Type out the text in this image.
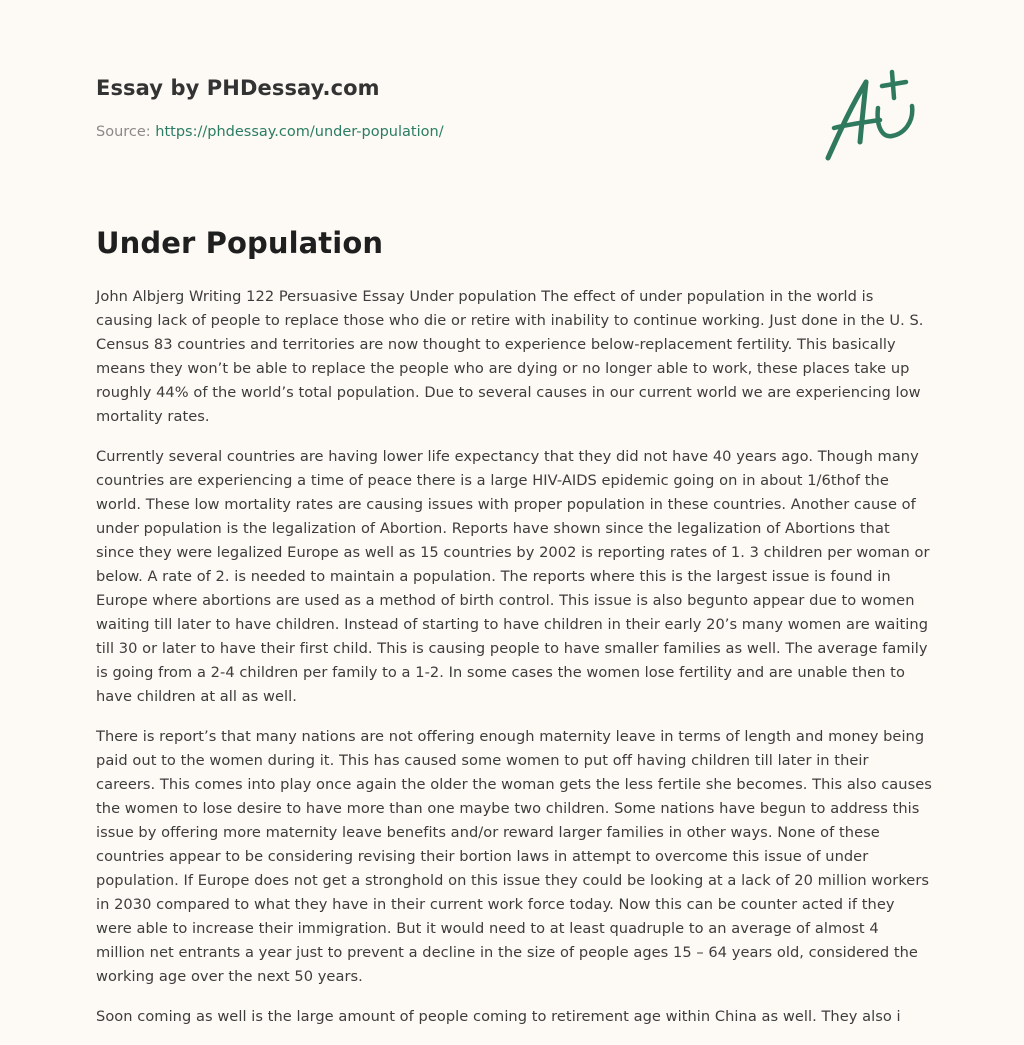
Essay by PHDessay.com
Source: https://phdessay.com/under-population/
Under Population

John Albjerg Writing 122 Persuasive Essay Under population The effect of under population in the world is causing lack of people to replace those who die or retire with inability to continue working. Just done in the U. S. Census 83 countries and territories are now thought to experience below-replacement fertility. This basically means they won’t be able to replace the people who are dying or no longer able to work, these places take up roughly 44% of the world’s total population. Due to several causes in our current world we are experiencing low mortality rates.

Currently several countries are having lower life expectancy that they did not have 40 years ago. Though many countries are experiencing a time of peace there is a large HIV-AIDS epidemic going on in about 1/6thof the world. These low mortality rates are causing issues with proper population in these countries. Another cause of under population is the legalization of Abortion. Reports have shown since the legalization of Abortions that since they were legalized Europe as well as 15 countries by 2002 is reporting rates of 1. 3 children per woman or below. A rate of 2. is needed to maintain a population. The reports where this is the largest issue is found in Europe where abortions are used as a method of birth control. This issue is also begunto appear due to women waiting till later to have children. Instead of starting to have children in their early 20’s many women are waiting till 30 or later to have their first child. This is causing people to have smaller families as well. The average family is going from a 2-4 children per family to a 1-2. In some cases the women lose fertility and are unable then to have children at all as well.

There is report’s that many nations are not offering enough maternity leave in terms of length and money being paid out to the women during it. This has caused some women to put off having children till later in their careers. This comes into play once again the older the woman gets the less fertile she becomes. This also causes the women to lose desire to have more than one maybe two children. Some nations have begun to address this issue by offering more maternity leave benefits and/or reward larger families in other ways. None of these countries appear to be considering revising their bortion laws in attempt to overcome this issue of under population. If Europe does not get a stronghold on this issue they could be looking at a lack of 20 million workers in 2030 compared to what they have in their current work force today. Now this can be counter acted if they were able to increase their immigration. But it would need to at least quadruple to an average of almost 4 million net entrants a year just to prevent a decline in the size of people ages 15 – 64 years old, considered the working age over the next 50 years.

Soon coming as well is the large amount of people coming to retirement age within China as well. They also i
